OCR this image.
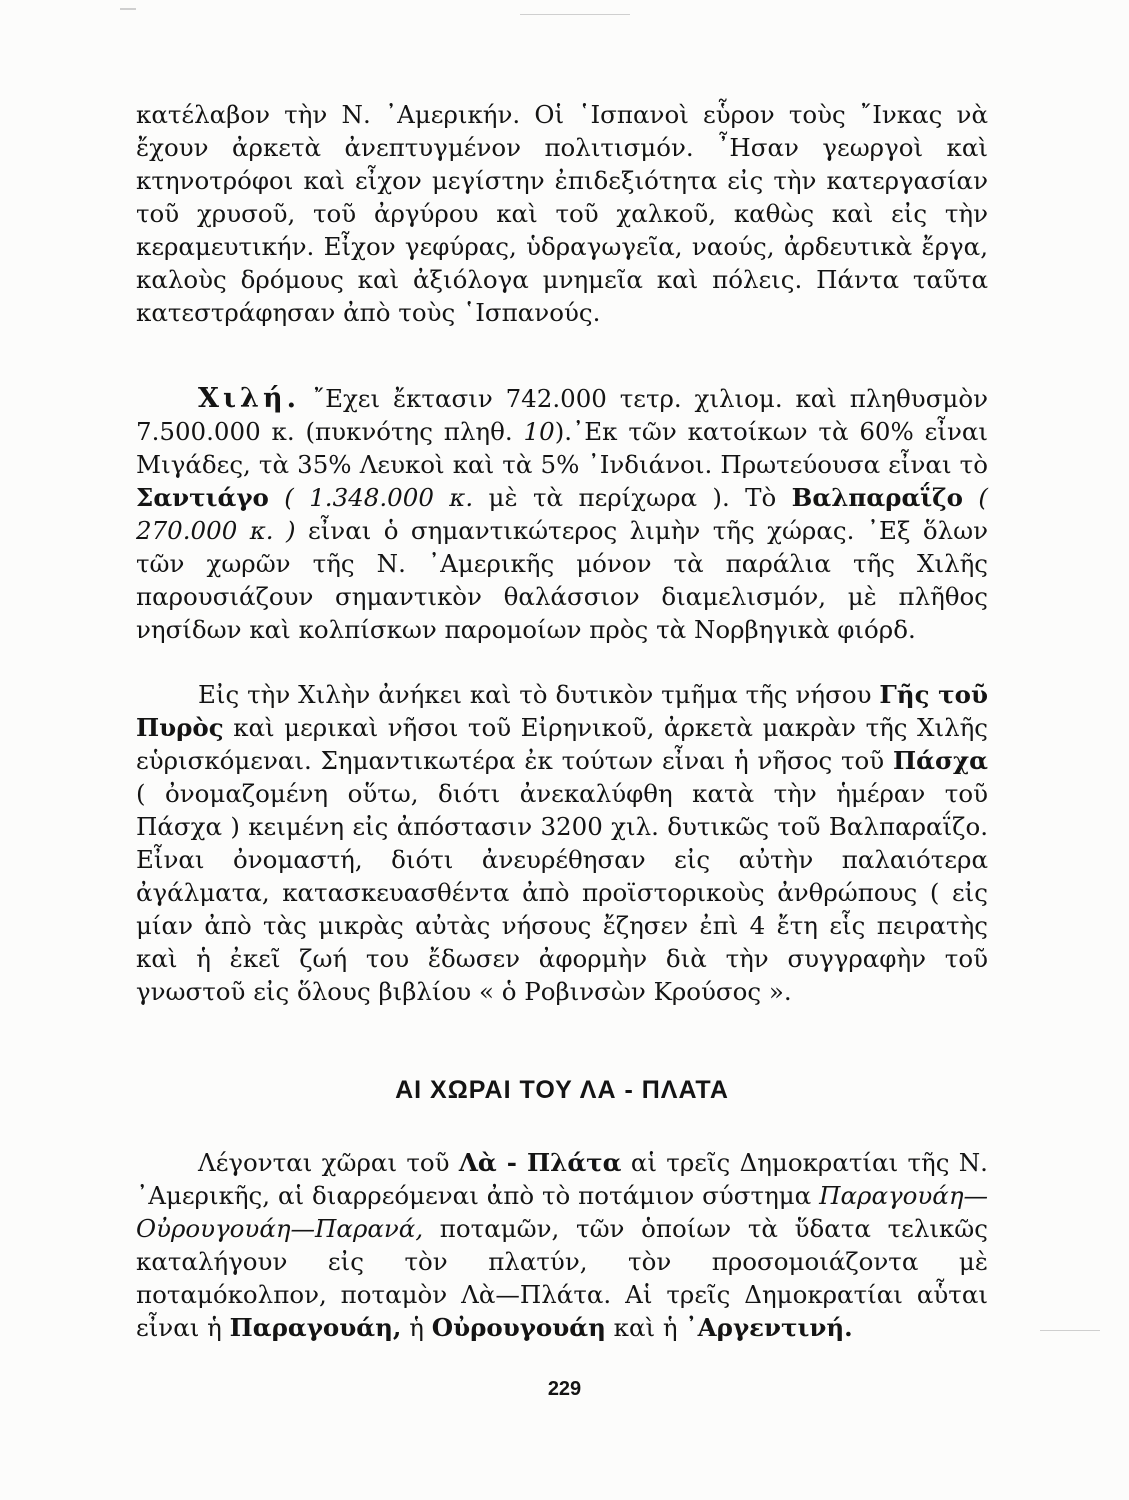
κατέλαβον τὴν Ν. ᾽Αμερικήν. Οἱ ῾Ισπανοὶ εὗρον τοὺς ῎Ινκας νὰ ἔχουν ἀρκετὰ ἀνεπτυγμένον πολιτισμόν. ῏Ησαν γεωργοὶ καὶ κτηνοτρόφοι καὶ εἶχον μεγίστην ἐπιδεξιότητα εἰς τὴν κατεργασίαν τοῦ χρυσοῦ, τοῦ ἀργύρου καὶ τοῦ χαλκοῦ, καθὼς καὶ εἰς τὴν κεραμευτικήν. Εἶχον γεφύρας, ὑδραγωγεῖα, ναούς, ἀρδευτικὰ ἔργα, καλοὺς δρόμους καὶ ἀξιόλογα μνημεῖα καὶ πόλεις. Πάντα ταῦτα κατεστράφησαν ἀπὸ τοὺς ῾Ισπανούς.

Χιλή. ῎Εχει ἔκτασιν 742.000 τετρ. χιλιομ. καὶ πληθυσμὸν 7.500.000 κ. (πυκνότης πληθ. 10).᾽Εκ τῶν κατοίκων τὰ 60% εἶναι Μιγάδες, τὰ 35% Λευκοὶ καὶ τὰ 5% ᾽Ινδιάνοι. Πρωτεύουσα εἶναι τὸ Σαντιάγο ( 1.348.000 κ. μὲ τὰ περίχωρα ). Τὸ Βαλπαραΐζο ( 270.000 κ. ) εἶναι ὁ σημαντικώτερος λιμὴν τῆς χώρας. ᾽Εξ ὅλων τῶν χωρῶν τῆς Ν. ᾽Αμερικῆς μόνον τὰ παράλια τῆς Χιλῆς παρουσιάζουν σημαντικὸν θαλάσσιον διαμελισμόν, μὲ πλῆθος νησίδων καὶ κολπίσκων παρομοίων πρὸς τὰ Νορβηγικὰ φιόρδ.

Εἰς τὴν Χιλὴν ἀνήκει καὶ τὸ δυτικὸν τμῆμα τῆς νήσου Γῆς τοῦ Πυρὸς καὶ μερικαὶ νῆσοι τοῦ Εἰρηνικοῦ, ἀρκετὰ μακρὰν τῆς Χιλῆς εὑρισκόμεναι. Σημαντικωτέρα ἐκ τούτων εἶναι ἡ νῆσος τοῦ Πάσχα ( ὀνομαζομένη οὕτω, διότι ἀνεκαλύφθη κατὰ τὴν ἡμέραν τοῦ Πάσχα ) κειμένη εἰς ἀπόστασιν 3200 χιλ. δυτικῶς τοῦ Βαλπαραΐζο. Εἶναι ὀνομαστή, διότι ἀνευρέθησαν εἰς αὐτὴν παλαιότερα ἀγάλματα, κατασκευασθέντα ἀπὸ προϊστορικοὺς ἀνθρώπους ( εἰς μίαν ἀπὸ τὰς μικρὰς αὐτὰς νήσους ἔζησεν ἐπὶ 4 ἔτη εἷς πειρατὴς καὶ ἡ ἐκεῖ ζωή του ἔδωσεν ἀφορμὴν διὰ τὴν συγγραφὴν τοῦ γνωστοῦ εἰς ὅλους βιβλίου « ὁ Ροβινσὼν Κρούσος ».

ΑΙ ΧΩΡΑΙ ΤΟΥ ΛΑ - ΠΛΑΤΑ

Λέγονται χῶραι τοῦ Λὰ - Πλάτα αἱ τρεῖς Δημοκρατίαι τῆς Ν. ᾽Αμερικῆς, αἱ διαρρεόμεναι ἀπὸ τὸ ποτάμιον σύστημα Παραγουάη—Οὐρουγουάη—Παρανά, ποταμῶν, τῶν ὁποίων τὰ ὕδατα τελικῶς καταλήγουν εἰς τὸν πλατύν, τὸν προσομοιάζοντα μὲ ποταμόκολπον, ποταμὸν Λὰ—Πλάτα. Αἱ τρεῖς Δημοκρατίαι αὗται εἶναι ἡ Παραγουάη, ἡ Οὐρουγουάη καὶ ἡ ᾽Αργεντινή.

229
